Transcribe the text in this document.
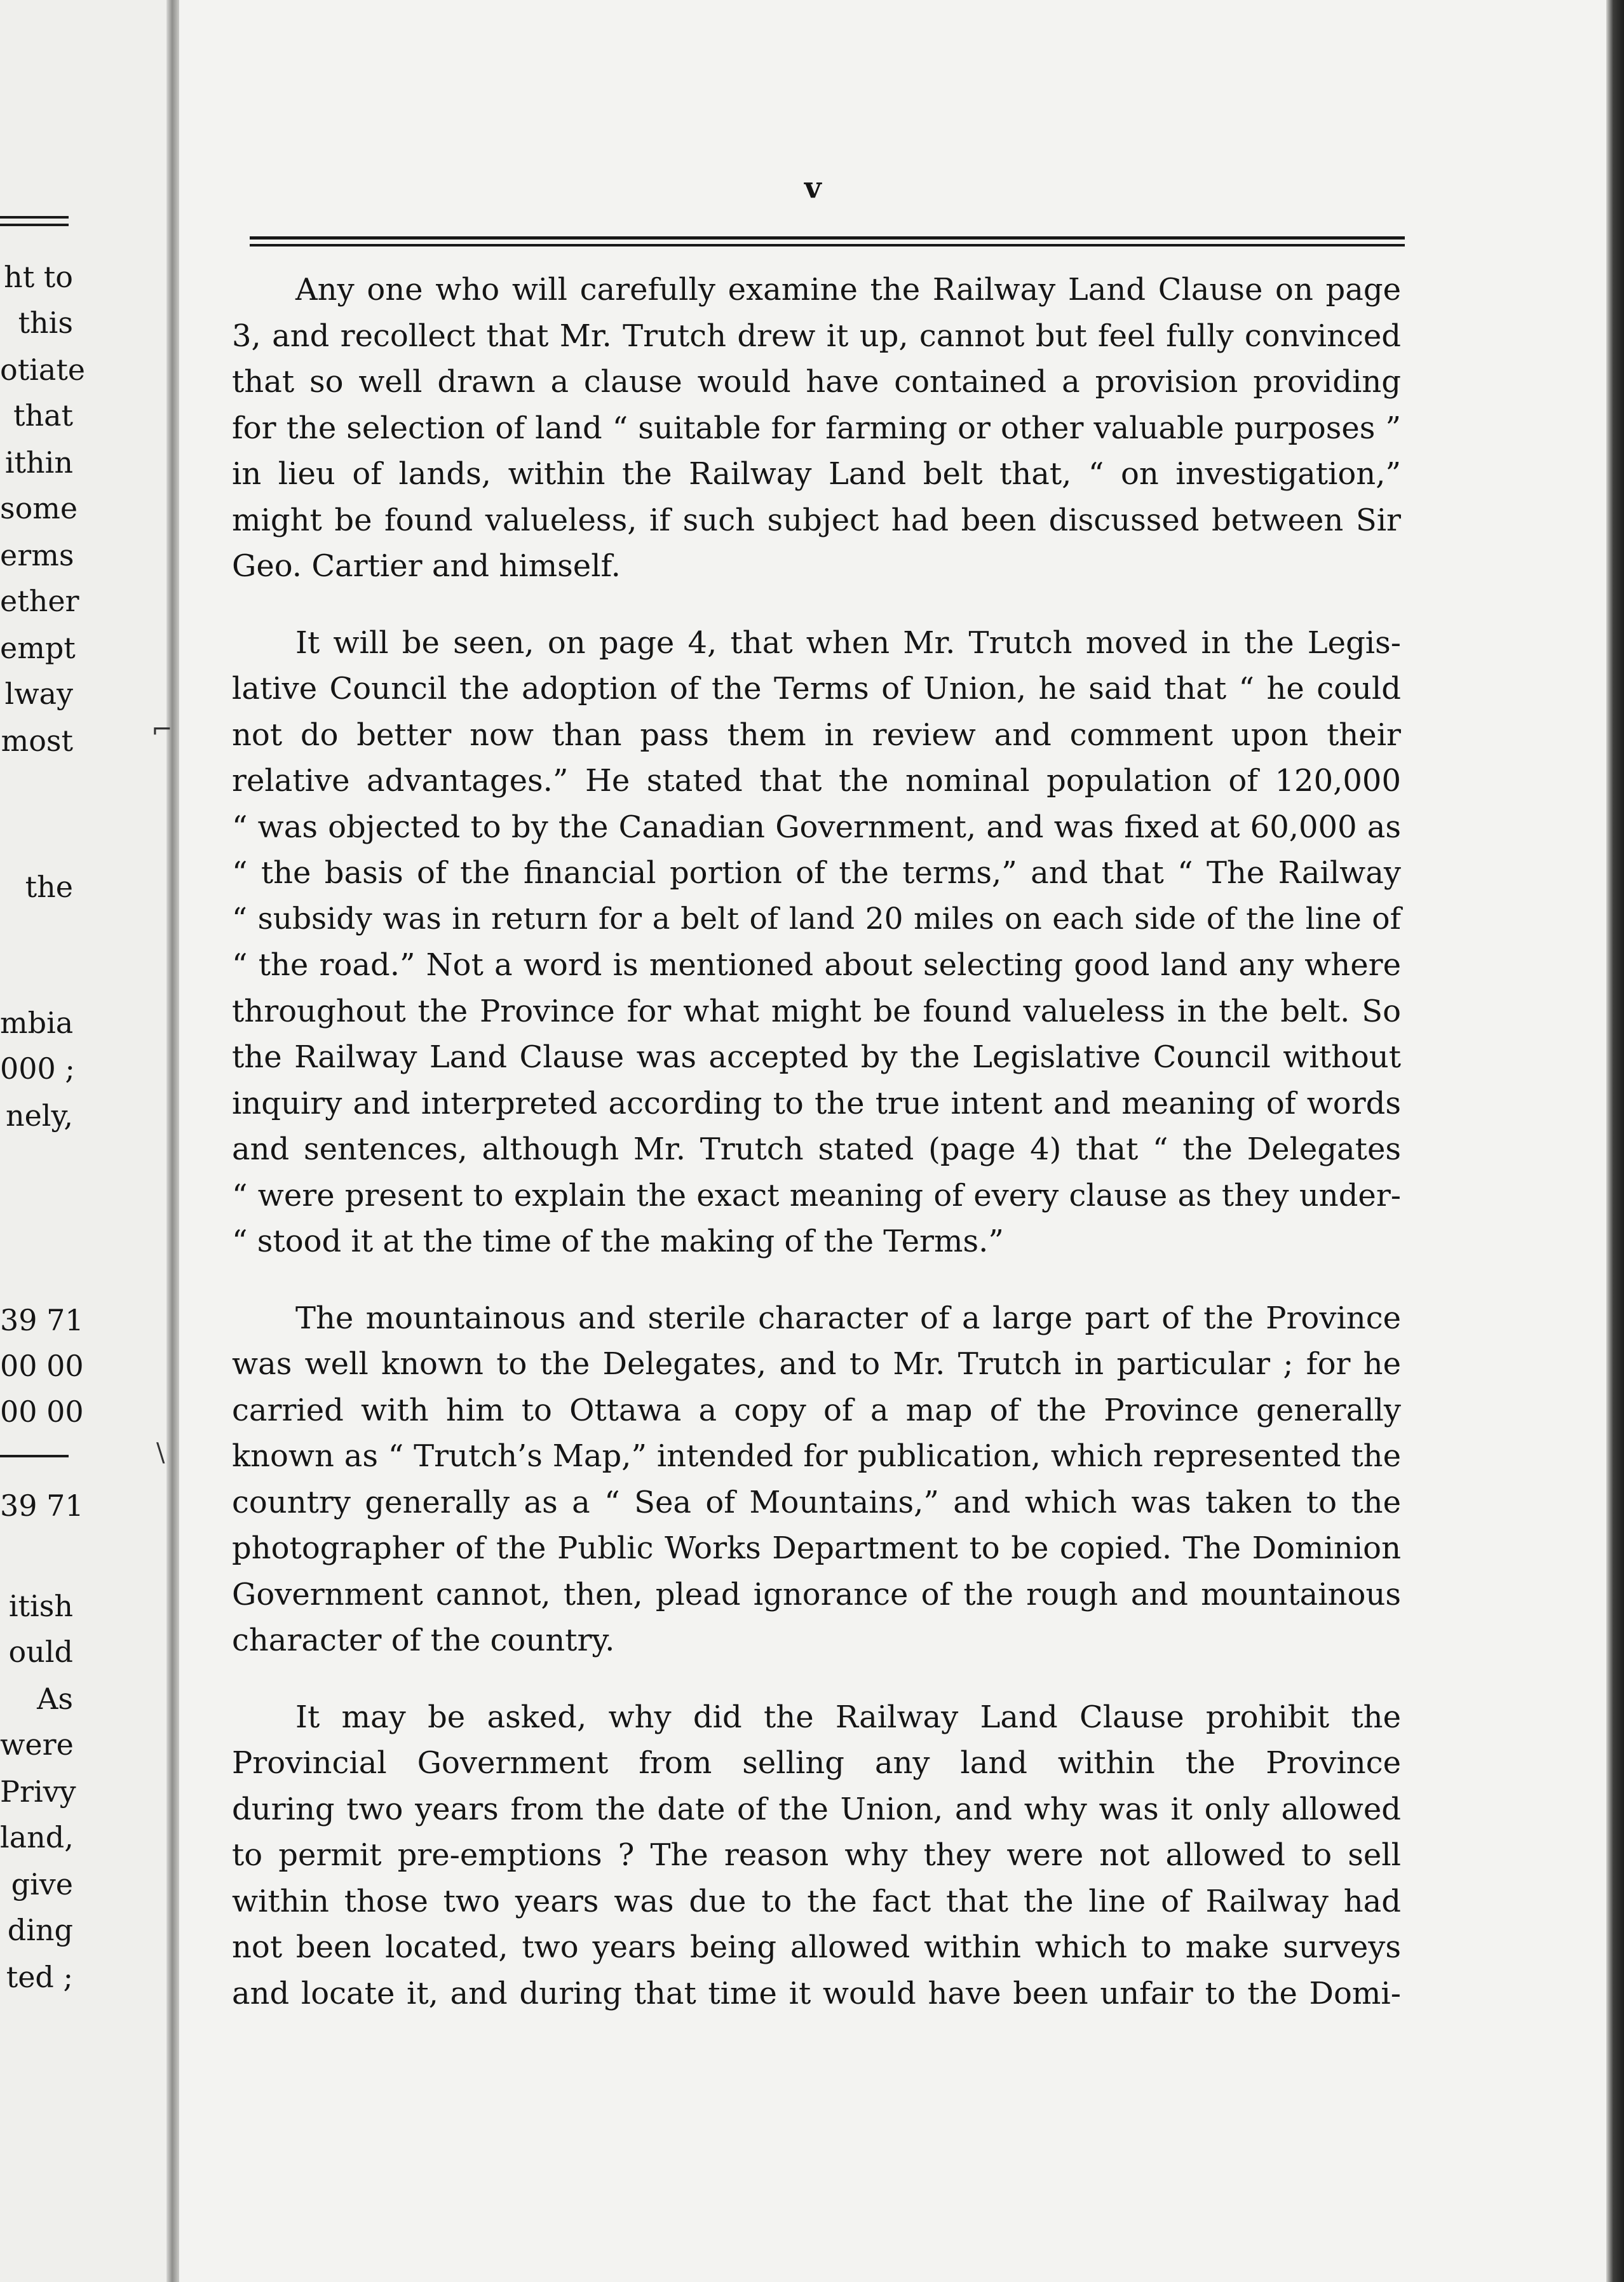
ht to
this
otiate
that
ithin
some
erms
ether
empt
lway
most
the
mbia
000 ;
nely,
39 71
00 00
00 00
39 71
itish
ould
As
were
Privy
land,
give
ding
ted ;
v
⌐
\
Any one who will carefully examine the Railway Land Clause on page
3, and recollect that Mr. Trutch drew it up, cannot but feel fully convinced
that so well drawn a clause would have contained a provision providing
for the selection of land “ suitable for farming or other valuable purposes ”
in lieu of lands, within the Railway Land belt that, “ on investigation,”
might be found valueless, if such subject had been discussed between Sir
Geo. Cartier and himself.
It will be seen, on page 4, that when Mr. Trutch moved in the Legis-
lative Council the adoption of the Terms of Union, he said that “ he could
not do better now than pass them in review and comment upon their
relative advantages.” He stated that the nominal population of 120,000
“ was objected to by the Canadian Government, and was fixed at 60,000 as
“ the basis of the financial portion of the terms,” and that “ The Railway
“ subsidy was in return for a belt of land 20 miles on each side of the line of
“ the road.” Not a word is mentioned about selecting good land any where
throughout the Province for what might be found valueless in the belt. So
the Railway Land Clause was accepted by the Legislative Council without
inquiry and interpreted according to the true intent and meaning of words
and sentences, although Mr. Trutch stated (page 4) that “ the Delegates
“ were present to explain the exact meaning of every clause as they under-
“ stood it at the time of the making of the Terms.”
The mountainous and sterile character of a large part of the Province
was well known to the Delegates, and to Mr. Trutch in particular ; for he
carried with him to Ottawa a copy of a map of the Province generally
known as “ Trutch’s Map,” intended for publication, which represented the
country generally as a “ Sea of Mountains,” and which was taken to the
photographer of the Public Works Department to be copied. The Dominion
Government cannot, then, plead ignorance of the rough and mountainous
character of the country.
It may be asked, why did the Railway Land Clause prohibit the
Provincial Government from selling any land within the Province
during two years from the date of the Union, and why was it only allowed
to permit pre-emptions ? The reason why they were not allowed to sell
within those two years was due to the fact that the line of Railway had
not been located, two years being allowed within which to make surveys
and locate it, and during that time it would have been unfair to the Domi-
